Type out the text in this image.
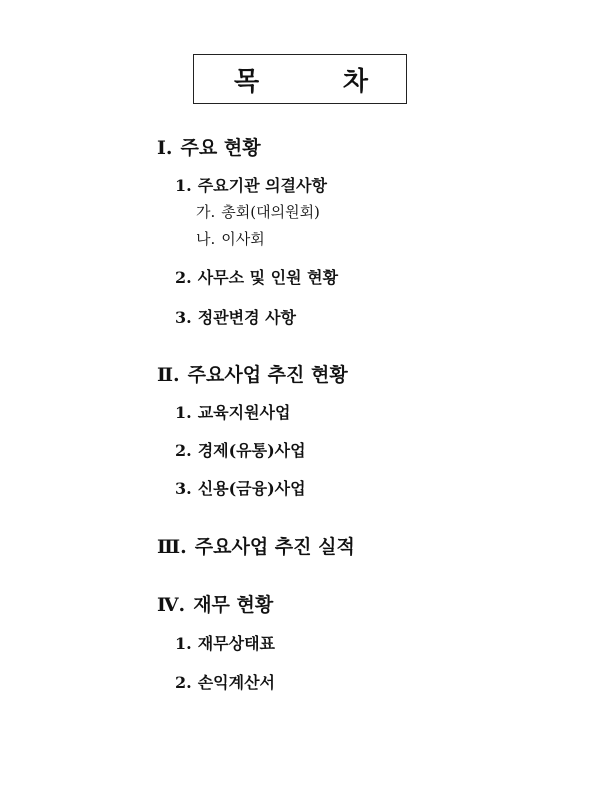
목	차
Ⅰ. 주요 현황
1. 주요기관 의결사항
가. 총회(대의원회)
나. 이사회
2. 사무소 및 인원 현황
3. 정관변경 사항
Ⅱ. 주요사업 추진 현황
1. 교육지원사업
2. 경제(유통)사업
3. 신용(금융)사업
Ⅲ. 주요사업 추진 실적
Ⅳ. 재무 현황
1. 재무상태표
2. 손익계산서
